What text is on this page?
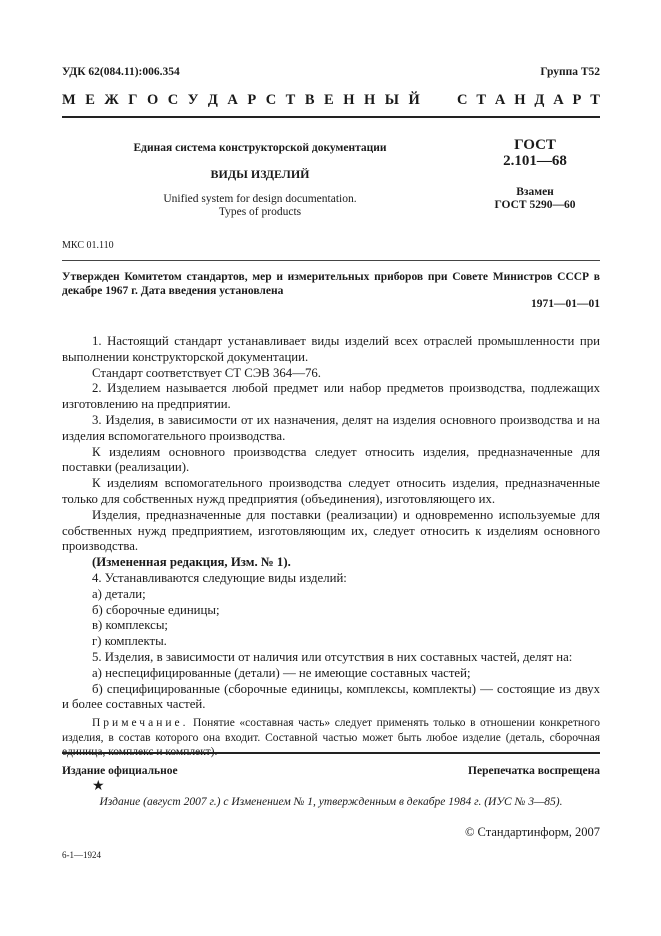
УДК 62(084.11):006.354	Группа Т52
М Е Ж Г О С У Д А Р С Т В Е Н Н Ы Й	С Т А Н Д А Р Т
Единая система конструкторской документации
ВИДЫ ИЗДЕЛИЙ
Unified system for design documentation.
Types of products
ГОСТ
2.101—68
Взамен
ГОСТ 5290—60
МКС 01.110
Утвержден Комитетом стандартов, мер и измерительных приборов при Совете Министров СССР в декабре 1967 г. Дата введения установлена
1971—01—01

1. Настоящий стандарт устанавливает виды изделий всех отраслей промышленности при выполнении конструкторской документации.

Стандарт соответствует СТ СЭВ 364—76.

2. Изделием называется любой предмет или набор предметов производства, подлежащих изготовлению на предприятии.

3. Изделия, в зависимости от их назначения, делят на изделия основного производства и на изделия вспомогательного производства.

К изделиям основного производства следует относить изделия, предназначенные для поставки (реализации).

К изделиям вспомогательного производства следует относить изделия, предназначенные только для собственных нужд предприятия (объединения), изготовляющего их.

Изделия, предназначенные для поставки (реализации) и одновременно используемые для собственных нужд предприятием, изготовляющим их, следует относить к изделиям основного производства.

(Измененная редакция, Изм. № 1).

4. Устанавливаются следующие виды изделий:

а) детали;

б) сборочные единицы;

в) комплексы;

г) комплекты.

5. Изделия, в зависимости от наличия или отсутствия в них составных частей, делят на:

а) неспецифицированные (детали) — не имеющие составных частей;

б) специфицированные (сборочные единицы, комплексы, комплекты) — состоящие из двух и более составных частей.

Примечание. Понятие «составная часть» следует применять только в отношении конкретного изделия, в состав которого она входит. Составной частью может быть любое изделие (деталь, сборочная единица, комплекс и комплект).

Издание официальное	Перепечатка воспрещена
★
Издание (август 2007 г.) с Изменением № 1, утвержденным в декабре 1984 г. (ИУС № 3—85).
© Стандартинформ, 2007
6-1—1924
